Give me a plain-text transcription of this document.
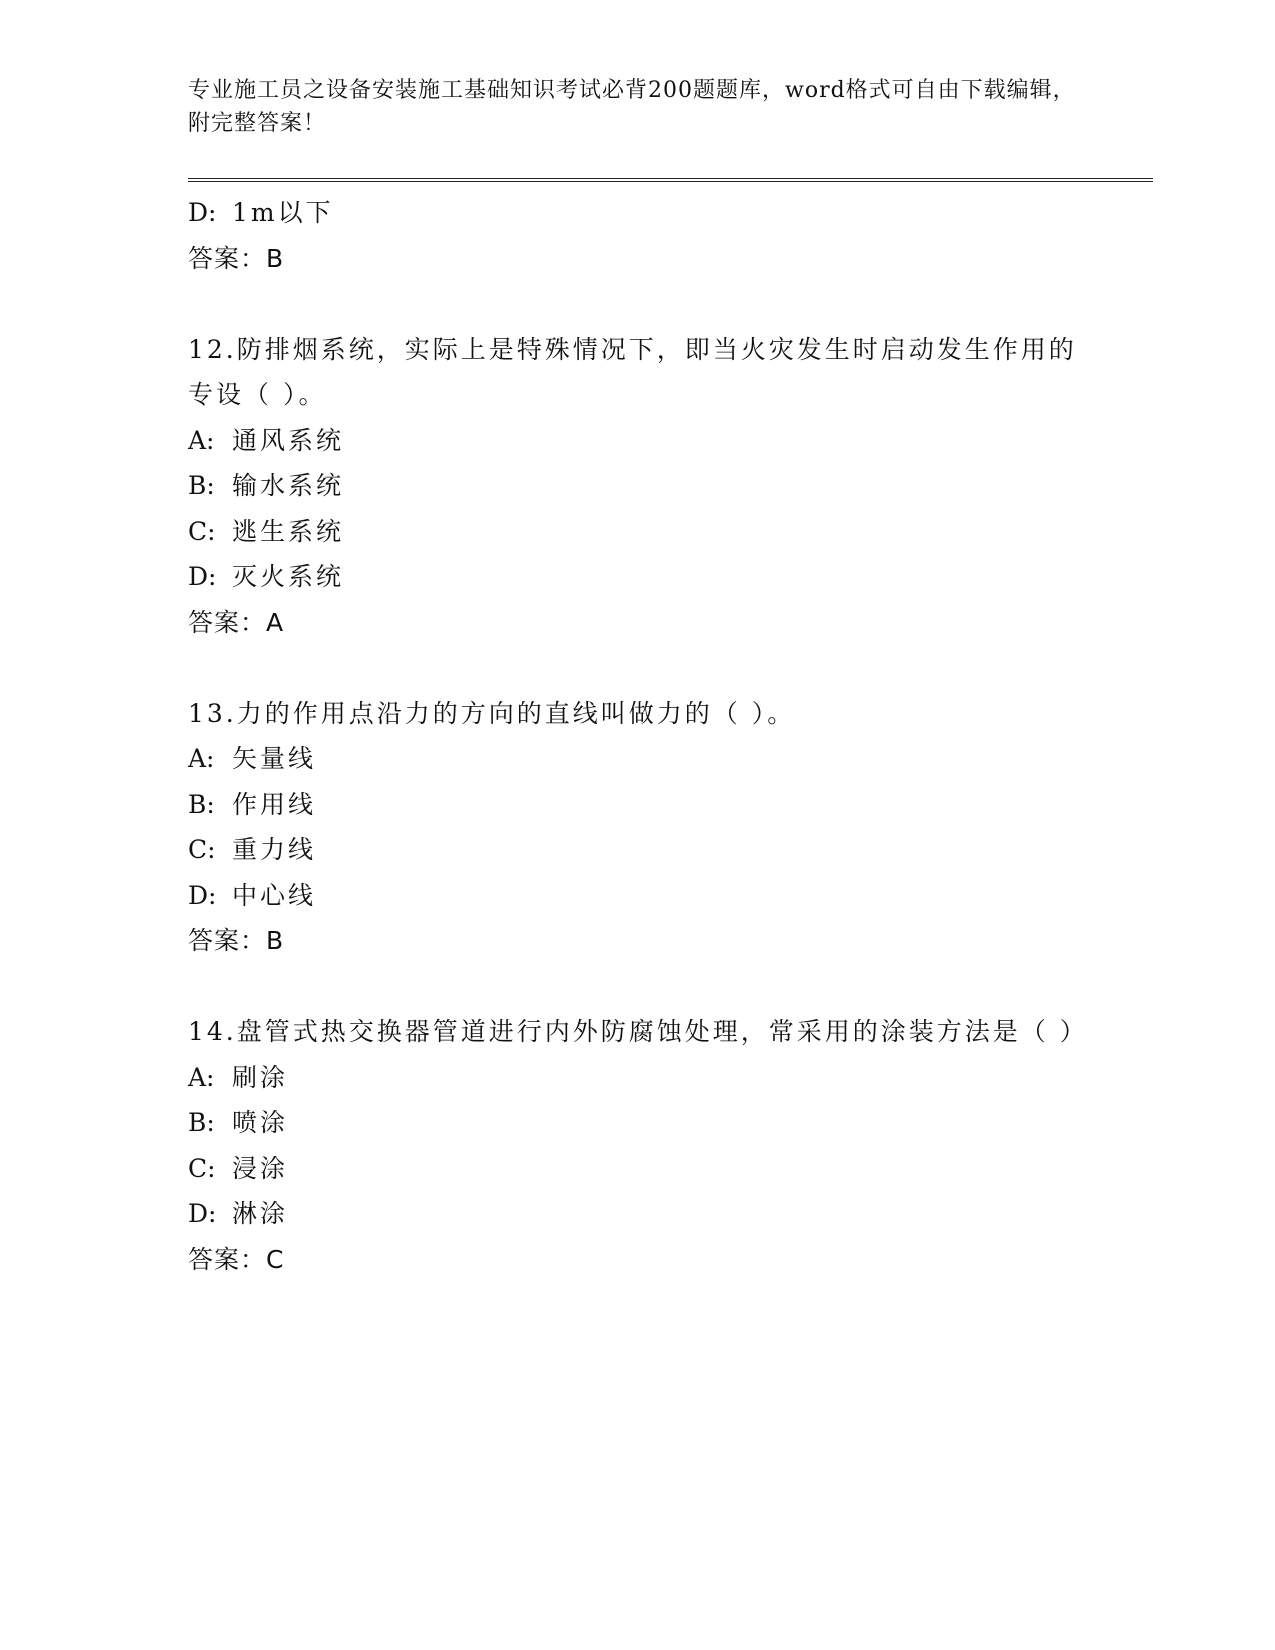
专业施工员之设备安装施工基础知识考试必背200题题库，word格式可自由下载编辑，附完整答案！
D: 1m以下
答案：B
12.防排烟系统，实际上是特殊情况下，即当火灾发生时启动发生作用的专设（ ）。
A: 通风系统
B: 输水系统
C: 逃生系统
D: 灭火系统
答案：A
13.力的作用点沿力的方向的直线叫做力的（ ）。
A: 矢量线
B: 作用线
C: 重力线
D: 中心线
答案：B
14.盘管式热交换器管道进行内外防腐蚀处理，常采用的涂装方法是（ ）
A: 刷涂
B: 喷涂
C: 浸涂
D: 淋涂
答案：C
